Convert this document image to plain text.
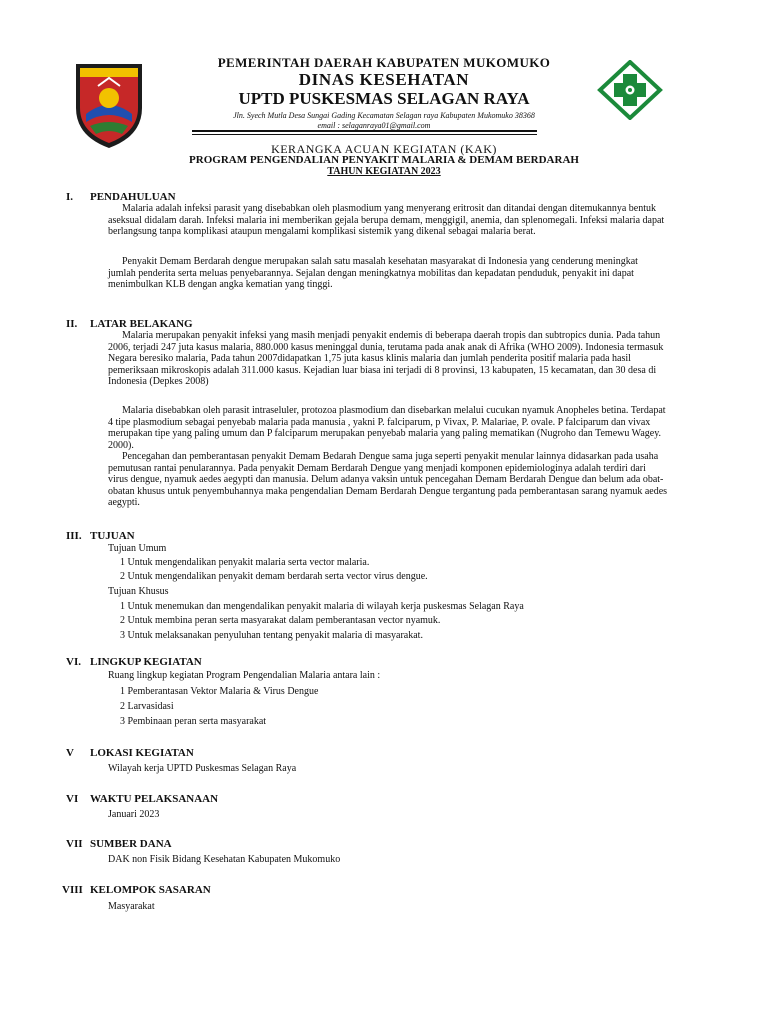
PEMERINTAH DAERAH KABUPATEN MUKOMUKO
DINAS KESEHATAN
UPTD PUSKESMAS SELAGAN RAYA
Jln. Syech Mutla Desa Sungai Gading Kecamatan Selagan raya Kabupaten Mukomuko 38368
email : selaganraya01@gmail.com
KERANGKA ACUAN KEGIATAN (KAK)
PROGRAM PENGENDALIAN PENYAKIT MALARIA & DEMAM BERDARAH
TAHUN KEGIATAN 2023
I. PENDAHULUAN
Malaria adalah infeksi parasit yang disebabkan oleh plasmodium yang menyerang eritrosit dan ditandai dengan ditemukannya bentuk aseksual didalam darah. Infeksi malaria ini memberikan gejala berupa demam, menggigil, anemia, dan splenomegali. Infeksi malaria dapat berlangsung tanpa komplikasi ataupun mengalami komplikasi sistemik yang dikenal sebagai malaria berat.
Penyakit Demam Berdarah dengue merupakan salah satu masalah kesehatan masyarakat di Indonesia yang cenderung meningkat jumlah penderita serta meluas penyebarannya. Sejalan dengan meningkatnya mobilitas dan kepadatan penduduk, penyakit ini dapat menimbulkan KLB dengan angka kematian yang tinggi.
II. LATAR BELAKANG
Malaria merupakan penyakit infeksi yang masih menjadi penyakit endemis di beberapa daerah tropis dan subtropics dunia. Pada tahun 2006, terjadi 247 juta kasus malaria, 880.000 kasus meninggal dunia, terutama pada anak anak di Afrika (WHO 2009). Indonesia termasuk Negara beresiko malaria, Pada tahun 2007didapatkan 1,75 juta kasus klinis malaria dan jumlah penderita positif malaria pada hasil pemeriksaan mikroskopis adalah 311.000 kasus. Kejadian luar biasa ini terjadi di 8 provinsi, 13 kabupaten, 15 kecamatan, dan 30 desa di Indonesia (Depkes 2008)
Malaria disebabkan oleh parasit intraseluler, protozoa plasmodium dan disebarkan melalui cucukan nyamuk Anopheles betina. Terdapat 4 tipe plasmodium sebagai penyebab malaria pada manusia , yakni P. falciparum, p Vivax, P. Malariae, P. ovale. P falciparum dan vivax merupakan tipe yang paling umum dan P falciparum merupakan penyebab malaria yang paling mematikan (Nugroho dan Temewu Wagey. 2000).
Pencegahan dan pemberantasan penyakit Demam Bedarah Dengue sama juga seperti penyakit menular lainnya didasarkan pada usaha pemutusan rantai penularannya. Pada penyakit Demam Berdarah Dengue yang menjadi komponen epidemiologinya adalah terdiri dari virus dengue, nyamuk aedes aegypti dan manusia. Delum adanya vaksin untuk pencegahan Demam Berdarah Dengue dan belum ada obat-obatan khusus untuk penyembuhannya maka pengendalian Demam Berdarah Dengue tergantung pada pemberantasan sarang nyamuk aedes aegypti.
III. TUJUAN
Tujuan Umum
1 Untuk mengendalikan penyakit malaria serta vector malaria.
2 Untuk mengendalikan penyakit demam berdarah serta vector virus dengue.
Tujuan Khusus
1 Untuk menemukan dan mengendalikan penyakit malaria di wilayah kerja puskesmas Selagan Raya
2 Untuk membina peran serta masyarakat dalam pemberantasan vector nyamuk.
3 Untuk melaksanakan penyuluhan tentang penyakit malaria di masyarakat.
VI. LINGKUP KEGIATAN
Ruang lingkup kegiatan Program Pengendalian Malaria antara lain :
1 Pemberantasan Vektor Malaria & Virus Dengue
2 Larvasidasi
3 Pembinaan peran serta masyarakat
V LOKASI KEGIATAN
Wilayah kerja UPTD Puskesmas Selagan Raya
VI WAKTU PELAKSANAAN
Januari 2023
VII SUMBER DANA
DAK non Fisik Bidang Kesehatan Kabupaten Mukomuko
VIII KELOMPOK SASARAN
Masyarakat
